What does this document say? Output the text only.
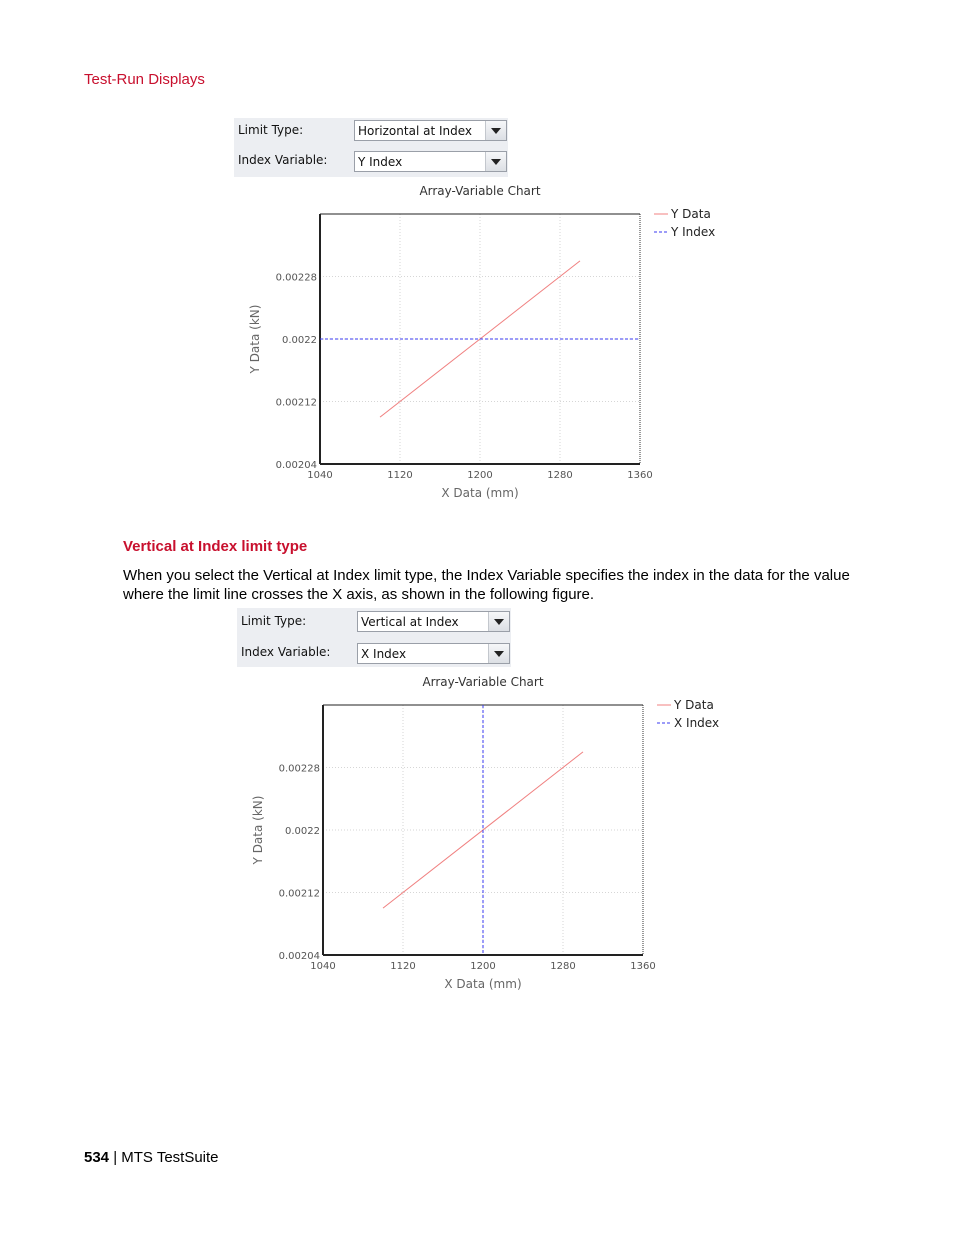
Test-Run Displays
Limit Type:	Horizontal at Index
Index Variable:	Y Index
Array-Variable Chart
1040	1120	1200	1280	1360
0.00204
0.00212
0.0022
0.00228
X Data (mm)
Y Data (kN)
Y Data
Y Index
Vertical at Index limit type
When you select the Vertical at Index limit type, the Index Variable specifies the index in the data for the value where the limit line crosses the X axis, as shown in the following figure.
Limit Type:	Vertical at Index
Index Variable:	X Index
Array-Variable Chart
1040	1120	1200	1280	1360
0.00204
0.00212
0.0022
0.00228
X Data (mm)
Y Data (kN)
Y Data
X Index
534 | MTS TestSuite
